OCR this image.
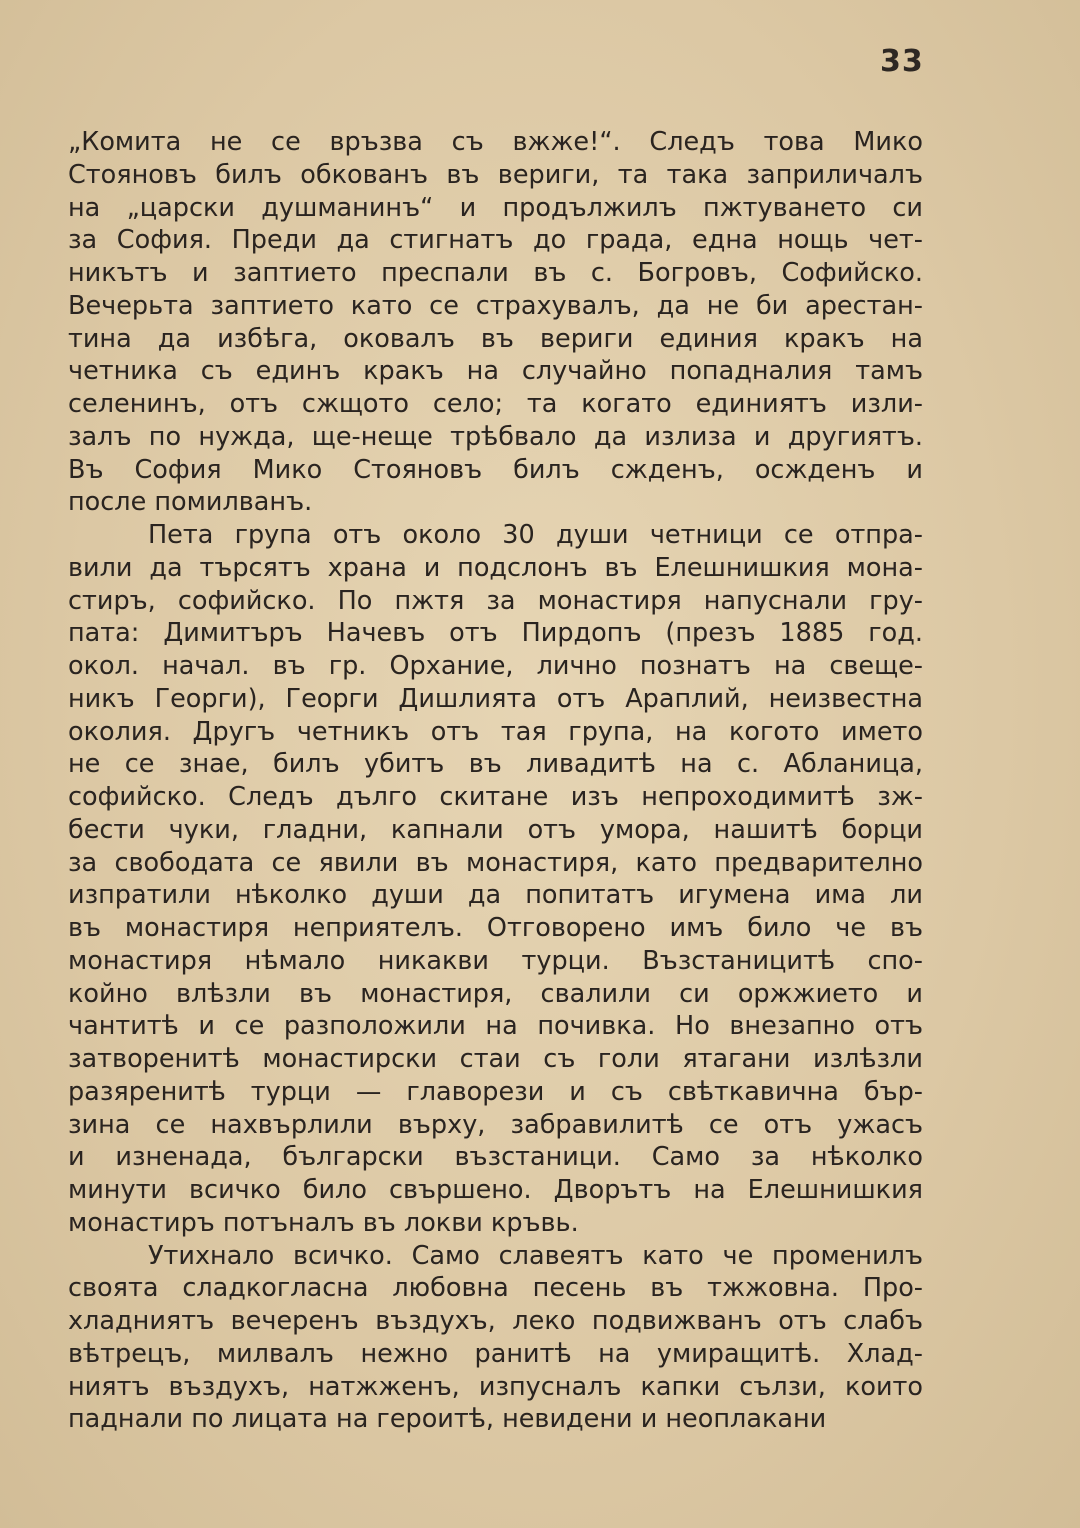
33
„Комита не се връзва съ вжже!“. Следъ това Мико
Стояновъ билъ обкованъ въ вериги, та така заприличалъ
на „царски душманинъ“ и продължилъ пжтуването си
за София. Преди да стигнатъ до града, една нощь чет-
никътъ и заптието преспали въ с. Богровъ, Софийско.
Вечерьта заптието като се страхувалъ, да не би арестан-
тина да избѣга, оковалъ въ вериги единия кракъ на
четника съ единъ кракъ на случайно попадналия тамъ
селенинъ, отъ сжщото село; та когато единиятъ изли-
залъ по нужда, ще-неще трѣбвало да излиза и другиятъ.
Въ София Мико Стояновъ билъ сжденъ, осжденъ и
после помилванъ.
Пета група отъ около 30 души четници се отпра-
вили да търсятъ храна и подслонъ въ Елешнишкия мона-
стиръ, софийско. По пжтя за монастиря напуснали гру-
пата: Димитъръ Начевъ отъ Пирдопъ (презъ 1885 год.
окол. начал. въ гр. Орхание, лично познатъ на свеще-
никъ Георги), Георги Дишлията отъ Араплий, неизвестна
околия. Другъ четникъ отъ тая група, на когото името
не се знае, билъ убитъ въ ливадитѣ на с. Абланица,
софийско. Следъ дълго скитане изъ непроходимитѣ зж-
бести чуки, гладни, капнали отъ умора, нашитѣ борци
за свободата се явили въ монастиря, като предварително
изпратили нѣколко души да попитатъ игумена има ли
въ монастиря неприятелъ. Отговорено имъ било че въ
монастиря нѣмало никакви турци. Възстаницитѣ спо-
койно влѣзли въ монастиря, свалили си оржжието и
чантитѣ и се разположили на почивка. Но внезапно отъ
затворенитѣ монастирски стаи съ голи ятагани излѣзли
разяренитѣ турци — главорези и съ свѣткавична бър-
зина се нахвърлили върху, забравилитѣ се отъ ужасъ
и изненада, български възстаници. Само за нѣколко
минути всичко било свършено. Дворътъ на Елешнишкия
монастиръ потъналъ въ локви кръвь.
Утихнало всичко. Само славеятъ като че променилъ
своята сладкогласна любовна песень въ тжжовна. Про-
хладниятъ вечеренъ въздухъ, леко подвижванъ отъ слабъ
вѣтрецъ, милвалъ нежно ранитѣ на умиращитѣ. Хлад-
ниятъ въздухъ, натжженъ, изпусналъ капки сълзи, които
паднали по лицата на героитѣ, невидени и неоплакани
